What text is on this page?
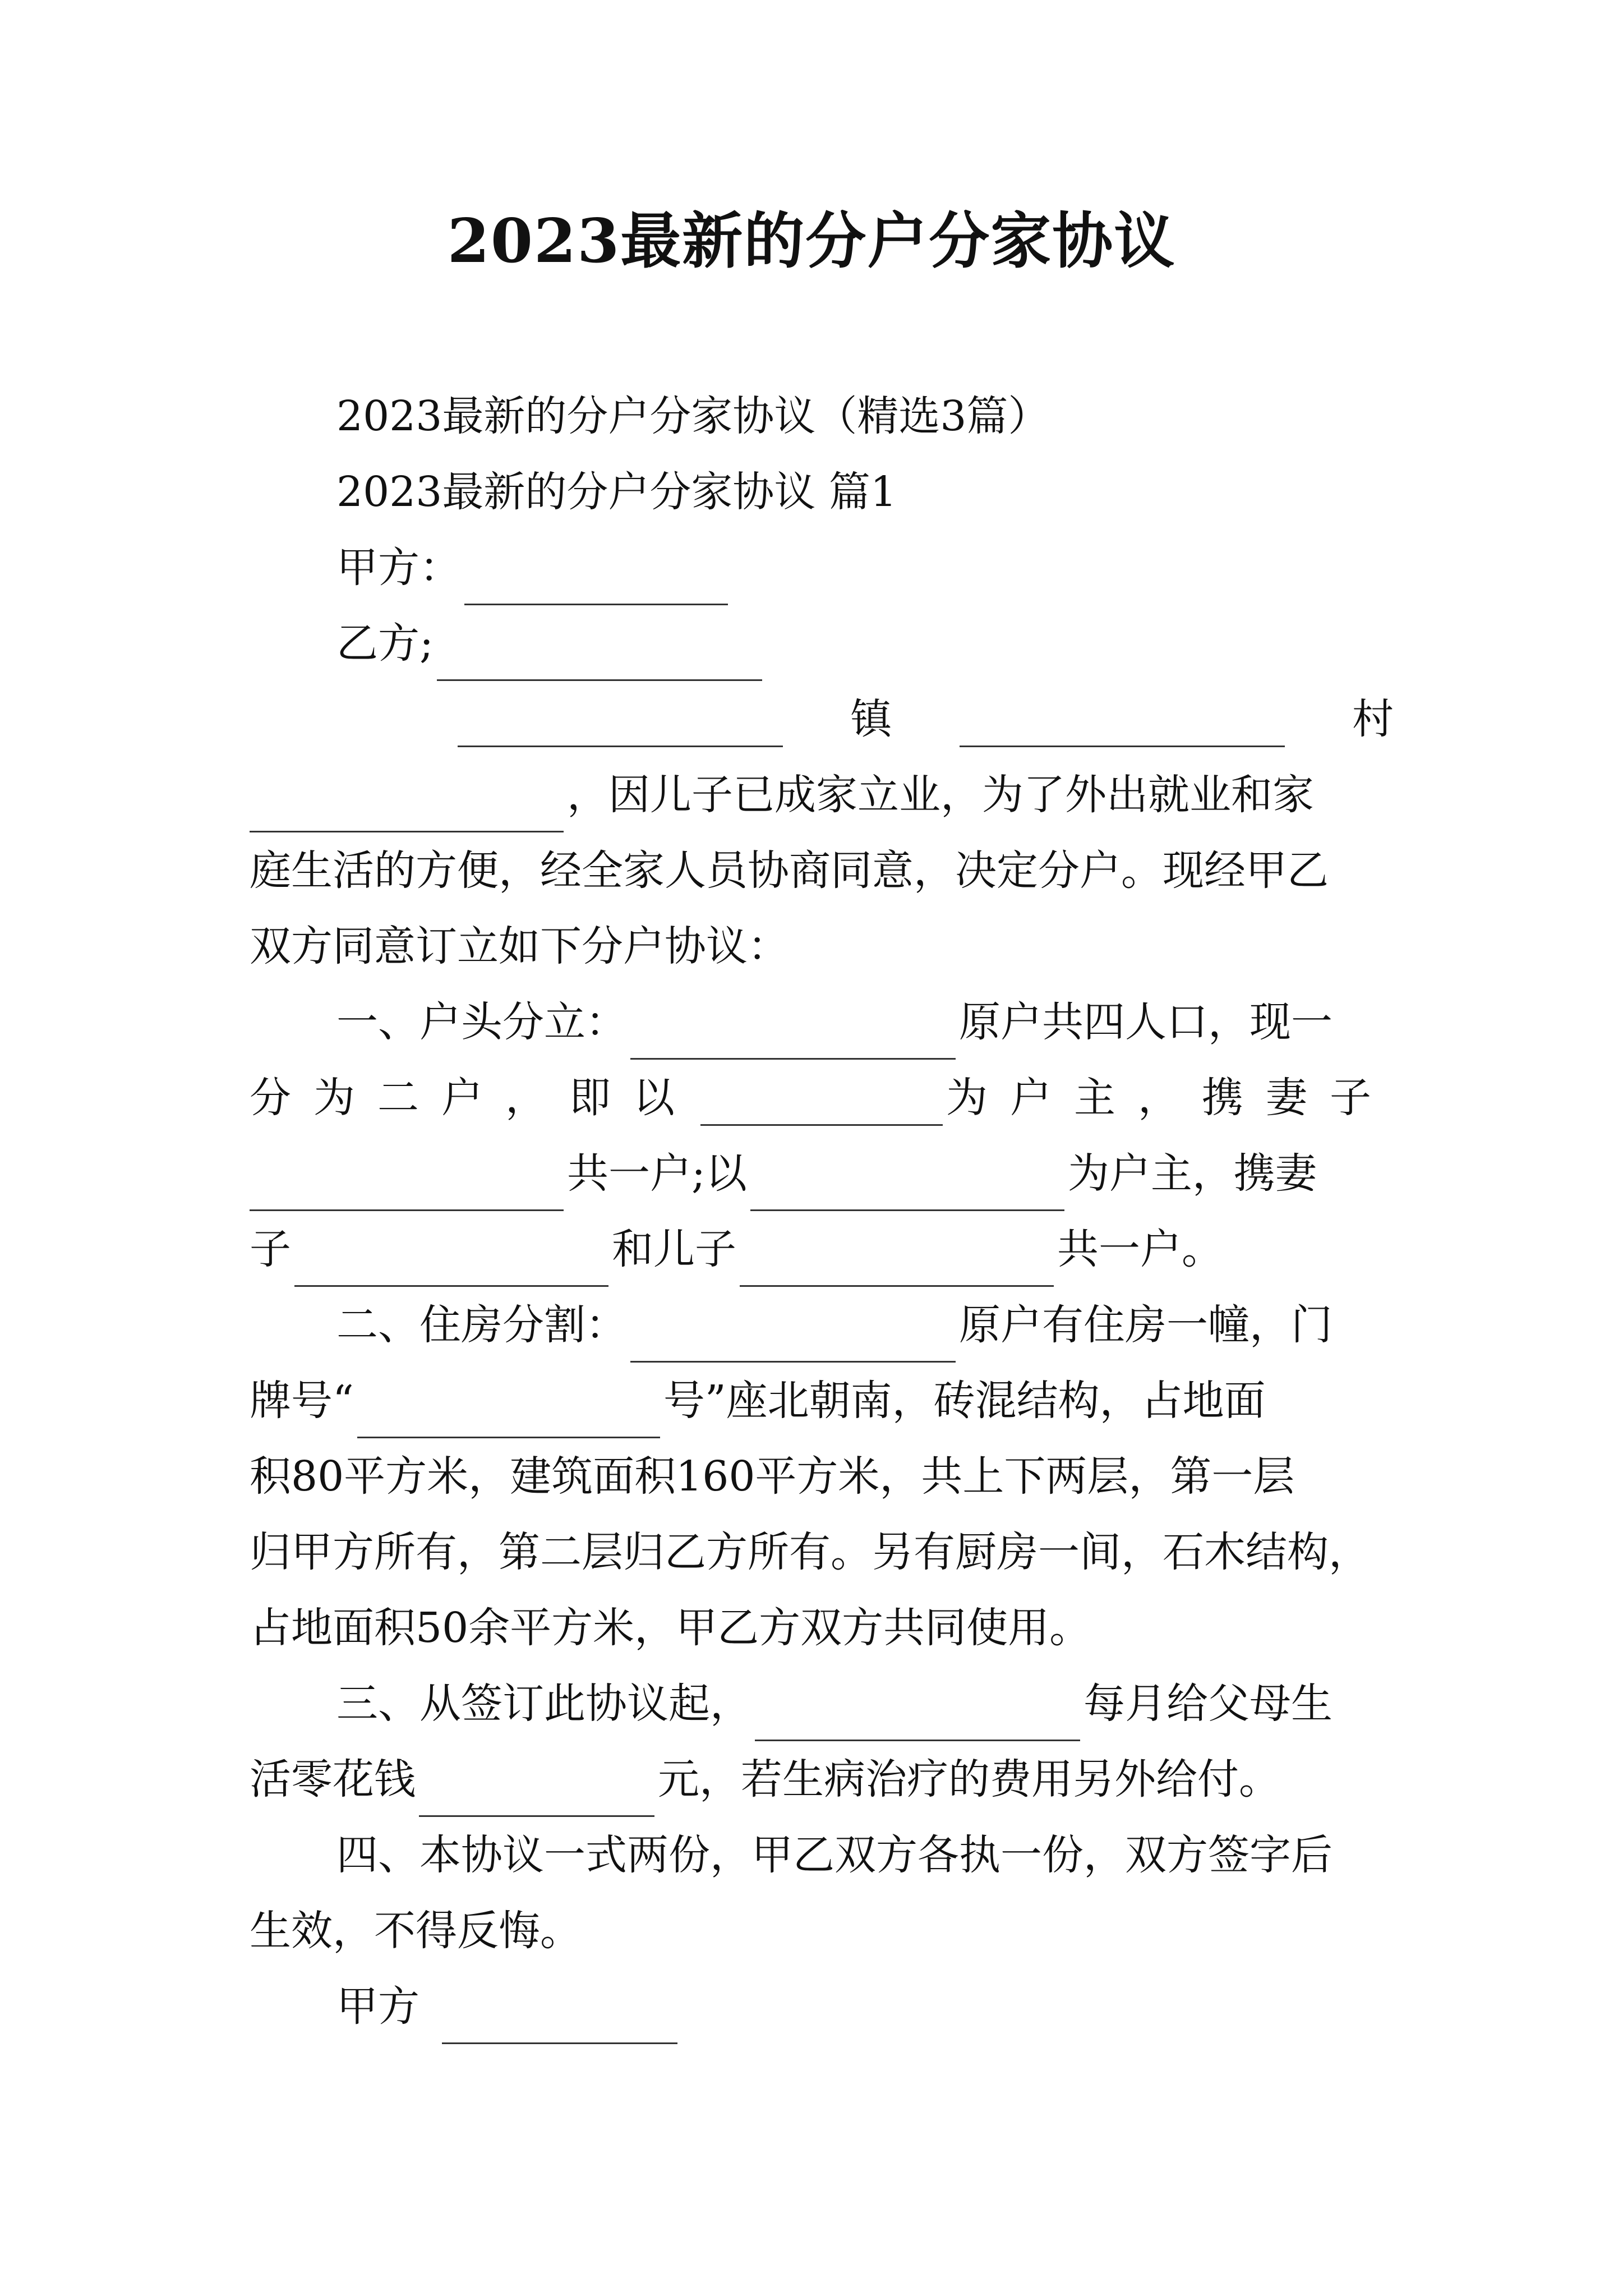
2023最新的分户分家协议
2023最新的分户分家协议（精选3篇）
2023最新的分户分家协议 篇1
甲方：
乙方;
镇	村
，因儿子已成家立业，为了外出就业和家
庭生活的方便，经全家人员协商同意，决定分户。现经甲乙
双方同意订立如下分户协议：
一、户头分立：	原户共四人口，现一
分为二户，即以	为户主，携妻子
共一户;以	为户主，携妻
子	和儿子	共一户。
二、住房分割：	原户有住房一幢，门
牌号“	号”座北朝南，砖混结构，占地面
积80平方米，建筑面积160平方米，共上下两层，第一层
归甲方所有，第二层归乙方所有。另有厨房一间，石木结构，
占地面积50余平方米，甲乙方双方共同使用。
三、从签订此协议起，	每月给父母生
活零花钱	元，若生病治疗的费用另外给付。
四、本协议一式两份，甲乙双方各执一份，双方签字后
生效，不得反悔。
甲方
